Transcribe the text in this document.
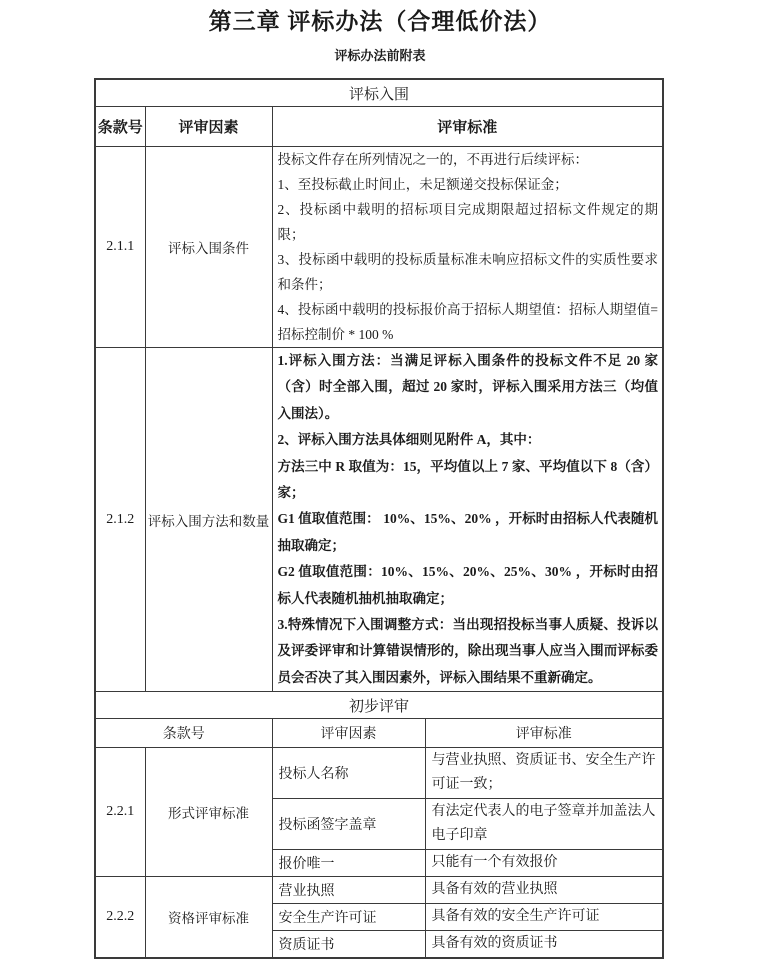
第三章 评标办法（合理低价法）
评标办法前附表
评标入围			
条款号	评审因素	评审标准	
2.1.1	评标入围条件	投标文件存在所列情况之一的，不再进行后续评标：

1、至投标截止时间止，未足额递交投标保证金；

2、投标函中载明的招标项目完成期限超过招标文件规定的期限；

3、投标函中载明的投标质量标准未响应招标文件的实质性要求和条件；

4、投标函中载明的投标报价高于招标人期望值：招标人期望值=招标控制价 * 100 %	

2.1.2	评标入围方法和数量	

1.评标入围方法：当满足评标入围条件的投标文件不足 20 家（含）时全部入围，超过 20 家时，评标入围采用方法三（均值入围法）。

2、评标入围方法具体细则见附件 A，其中：

方法三中 R 取值为：15，平均值以上 7 家、平均值以下 8（含）家；

G1 值取值范围： 10%、15%、20% ，开标时由招标人代表随机抽取确定；

G2 值取值范围：10%、15%、20%、25%、30% ，开标时由招标人代表随机抽机抽取确定；

3.特殊情况下入围调整方式：当出现招投标当事人质疑、投诉以及评委评审和计算错误情形的，除出现当事人应当入围而评标委员会否决了其入围因素外，评标入围结果不重新确定。

初步评审			
条款号		评审因素	评审标准
2.2.1	形式评审标准	投标人名称	与营业执照、资质证书、安全生产许可证一致；
		投标函签字盖章	有法定代表人的电子签章并加盖法人电子印章
		报价唯一	只能有一个有效报价
2.2.2	资格评审标准	营业执照	具备有效的营业执照
		安全生产许可证	具备有效的安全生产许可证
		资质证书	具备有效的资质证书
